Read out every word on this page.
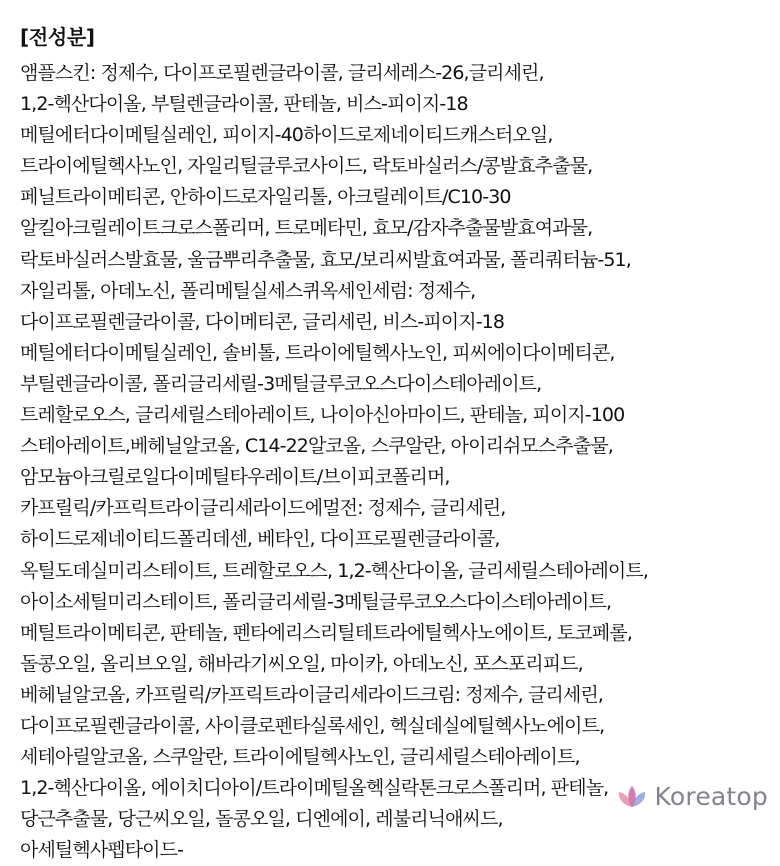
[전성분]
앰플스킨: 정제수, 다이프로필렌글라이콜, 글리세레스-26,글리세린,
1,2-헥산다이올, 부틸렌글라이콜, 판테놀, 비스-피이지-18
메틸에터다이메틸실레인, 피이지-40하이드로제네이티드캐스터오일,
트라이에틸헥사노인, 자일리틸글루코사이드, 락토바실러스/콩발효추출물,
페닐트라이메티콘, 안하이드로자일리톨, 아크릴레이트/C10-30
알킬아크릴레이트크로스폴리머, 트로메타민, 효모/감자추출물발효여과물,
락토바실러스발효물, 울금뿌리추출물, 효모/보리씨발효여과물, 폴리쿼터늄-51,
자일리톨, 아데노신, 폴리메틸실세스퀴옥세인세럼: 정제수,
다이프로필렌글라이콜, 다이메티콘, 글리세린, 비스-피이지-18
메틸에터다이메틸실레인, 솔비톨, 트라이에틸헥사노인, 피씨에이다이메티콘,
부틸렌글라이콜, 폴리글리세릴-3메틸글루코오스다이스테아레이트,
트레할로오스, 글리세릴스테아레이트, 나이아신아마이드, 판테놀, 피이지-100
스테아레이트,베헤닐알코올, C14-22알코올, 스쿠알란, 아이리쉬모스추출물,
암모늄아크릴로일다이메틸타우레이트/브이피코폴리머,
카프릴릭/카프릭트라이글리세라이드에멀전: 정제수, 글리세린,
하이드로제네이티드폴리데센, 베타인, 다이프로필렌글라이콜,
옥틸도데실미리스테이트, 트레할로오스, 1,2-헥산다이올, 글리세릴스테아레이트,
아이소세틸미리스테이트, 폴리글리세릴-3메틸글루코오스다이스테아레이트,
메틸트라이메티콘, 판테놀, 펜타에리스리틸테트라에틸헥사노에이트, 토코페롤,
돌콩오일, 올리브오일, 해바라기씨오일, 마이카, 아데노신, 포스포리피드,
베헤닐알코올, 카프릴릭/카프릭트라이글리세라이드크림: 정제수, 글리세린,
다이프로필렌글라이콜, 사이클로펜타실록세인, 헥실데실에틸헥사노에이트,
세테아릴알코올, 스쿠알란, 트라이에틸헥사노인, 글리세릴스테아레이트,
1,2-헥산다이올, 에이치디아이/트라이메틸올헥실락톤크로스폴리머, 판테놀,
당근추출물, 당근씨오일, 돌콩오일, 디엔에이, 레불리닉애씨드,
아세틸헥사펩타이드-
Koreatop
